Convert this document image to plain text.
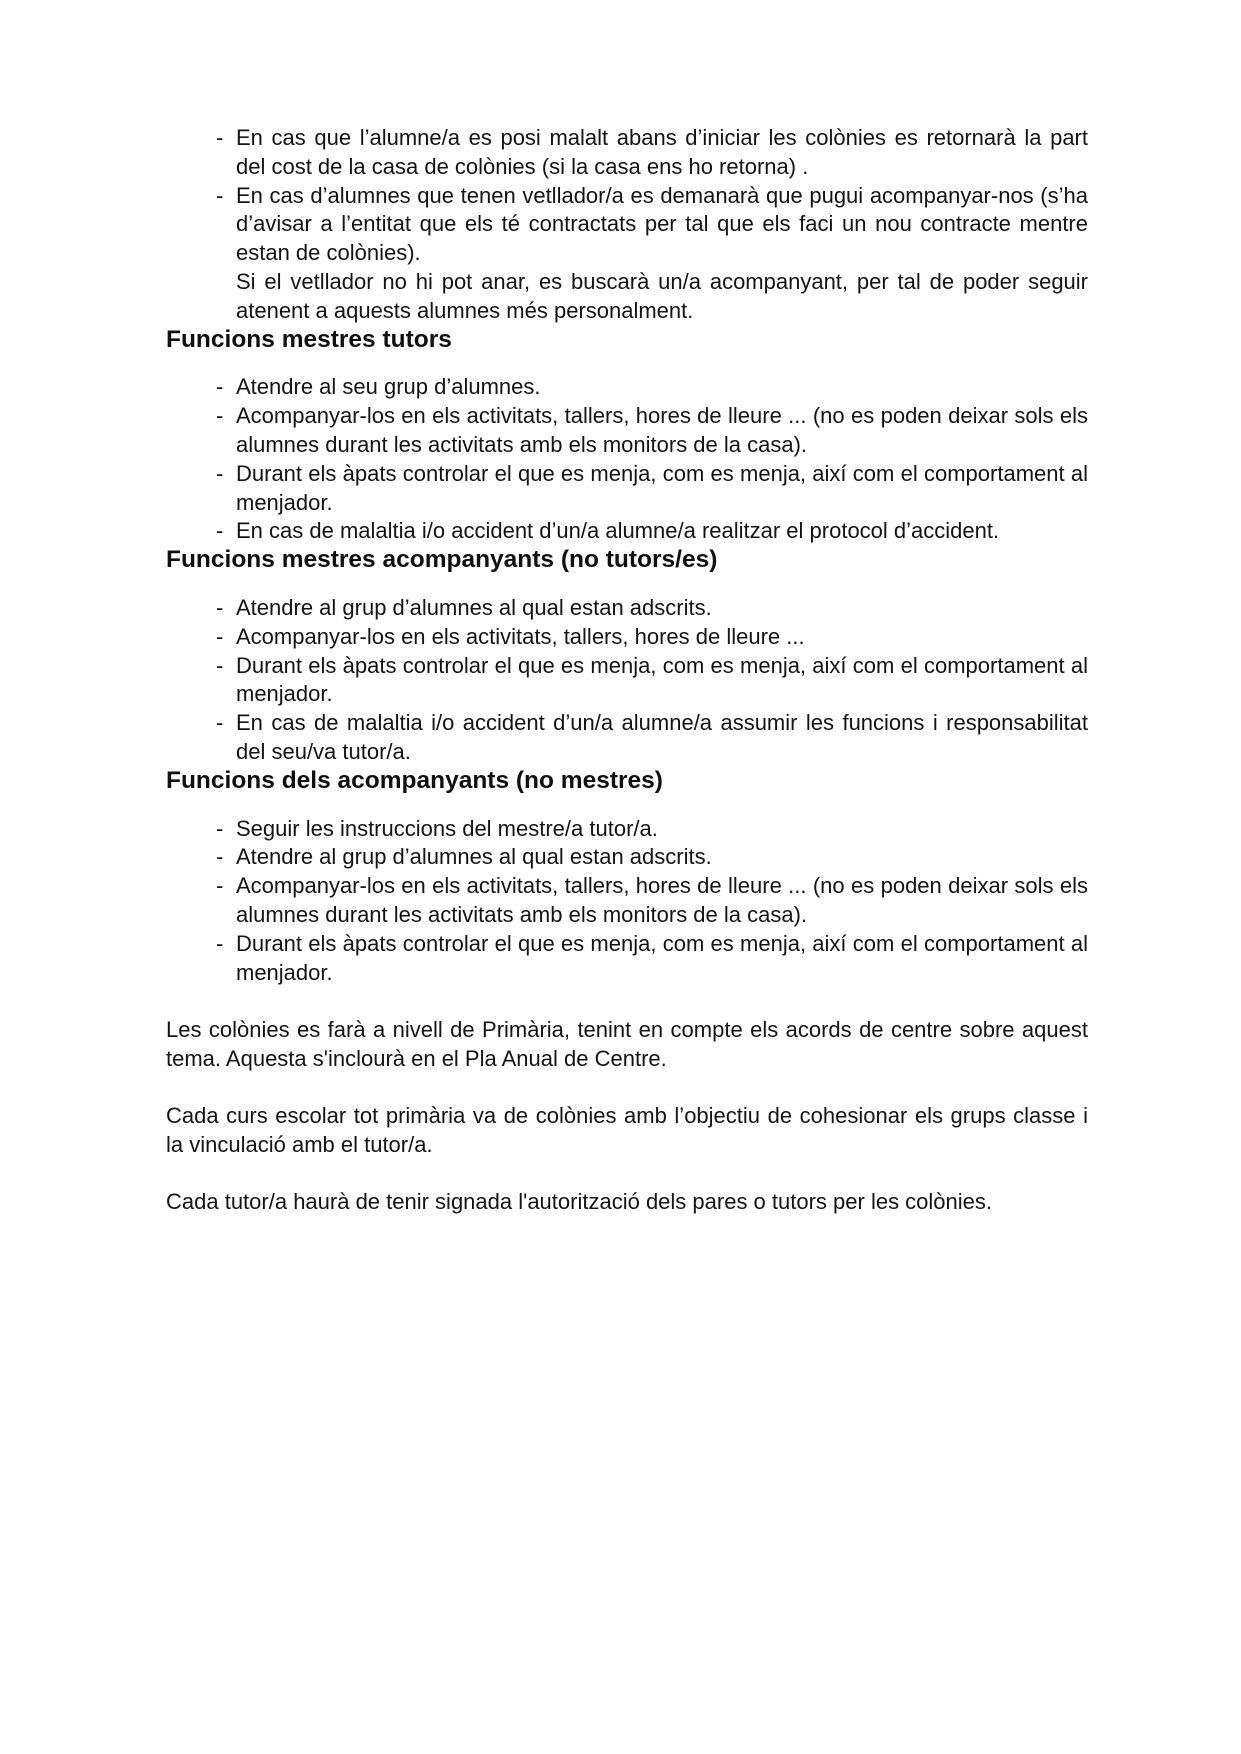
- En cas que l’alumne/a es posi malalt abans d’iniciar les colònies es retornarà la part del cost de la casa de colònies (si la casa ens ho retorna) .
- En cas d’alumnes que tenen vetllador/a es demanarà que pugui acompanyar-nos (s’ha d’avisar a l’entitat que els té contractats per tal que els faci un nou contracte mentre estan de colònies).
Si el vetllador no hi pot anar, es buscarà un/a acompanyant, per tal de poder seguir atenent a aquests alumnes més personalment.
Funcions mestres tutors
- Atendre al seu grup d’alumnes.
- Acompanyar-los en els activitats, tallers, hores de lleure ... (no es poden deixar sols els alumnes durant les activitats amb els monitors de la casa).
- Durant els àpats controlar el que es menja, com es menja, així com el comportament al menjador.
- En cas de malaltia i/o accident d’un/a alumne/a realitzar el protocol d’accident.
Funcions mestres acompanyants (no tutors/es)
- Atendre al grup d’alumnes al qual estan adscrits.
- Acompanyar-los en els activitats, tallers, hores de lleure ...
- Durant els àpats controlar el que es menja, com es menja, així com el comportament al menjador.
- En cas de malaltia i/o accident d’un/a alumne/a assumir les funcions i responsabilitat del seu/va tutor/a.
Funcions dels acompanyants (no mestres)
- Seguir les instruccions del mestre/a tutor/a.
- Atendre al grup d’alumnes al qual estan adscrits.
- Acompanyar-los en els activitats, tallers, hores de lleure ... (no es poden deixar sols els alumnes durant les activitats amb els monitors de la casa).
- Durant els àpats controlar el que es menja, com es menja, així com el comportament al menjador.

Les colònies es farà a nivell de Primària, tenint en compte els acords de centre sobre aquest tema. Aquesta s'inclourà en el Pla Anual de Centre.

Cada curs escolar tot primària va de colònies amb l’objectiu de cohesionar els grups classe i la vinculació amb el tutor/a.

Cada tutor/a haurà de tenir signada l'autorització dels pares o tutors per les colònies.
